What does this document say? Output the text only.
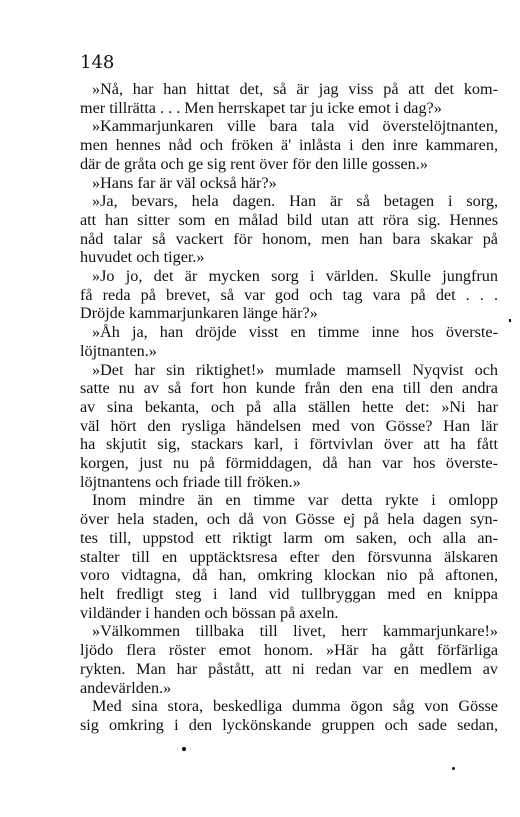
148
»Nå, har han hittat det, så är jag viss på att det kom-
mer tillrätta . . . Men herrskapet tar ju icke emot i dag?»
»Kammarjunkaren ville bara tala vid överstelöjtnanten,
men hennes nåd och fröken ä' inlåsta i den inre kammaren,
där de gråta och ge sig rent över för den lille gossen.»
»Hans far är väl också här?»
»Ja, bevars, hela dagen. Han är så betagen i sorg,
att han sitter som en målad bild utan att röra sig. Hennes
nåd talar så vackert för honom, men han bara skakar på
huvudet och tiger.»
»Jo jo, det är mycken sorg i världen. Skulle jungfrun
få reda på brevet, så var god och tag vara på det . . .
Dröjde kammarjunkaren länge här?»
»Åh ja, han dröjde visst en timme inne hos överste-
löjtnanten.»
»Det har sin riktighet!» mumlade mamsell Nyqvist och
satte nu av så fort hon kunde från den ena till den andra
av sina bekanta, och på alla ställen hette det: »Ni har
väl hört den rysliga händelsen med von Gösse? Han lär
ha skjutit sig, stackars karl, i förtvivlan över att ha fått
korgen, just nu på förmiddagen, då han var hos överste-
löjtnantens och friade till fröken.»
Inom mindre än en timme var detta rykte i omlopp
över hela staden, och då von Gösse ej på hela dagen syn-
tes till, uppstod ett riktigt larm om saken, och alla an-
stalter till en upptäcktsresa efter den försvunna älskaren
voro vidtagna, då han, omkring klockan nio på aftonen,
helt fredligt steg i land vid tullbryggan med en knippa
vildänder i handen och bössan på axeln.
»Välkommen tillbaka till livet, herr kammarjunkare!»
ljödo flera röster emot honom. »Här ha gått förfärliga
rykten. Man har påstått, att ni redan var en medlem av
andevärlden.»
Med sina stora, beskedliga dumma ögon såg von Gösse
sig omkring i den lyckönskande gruppen och sade sedan,
